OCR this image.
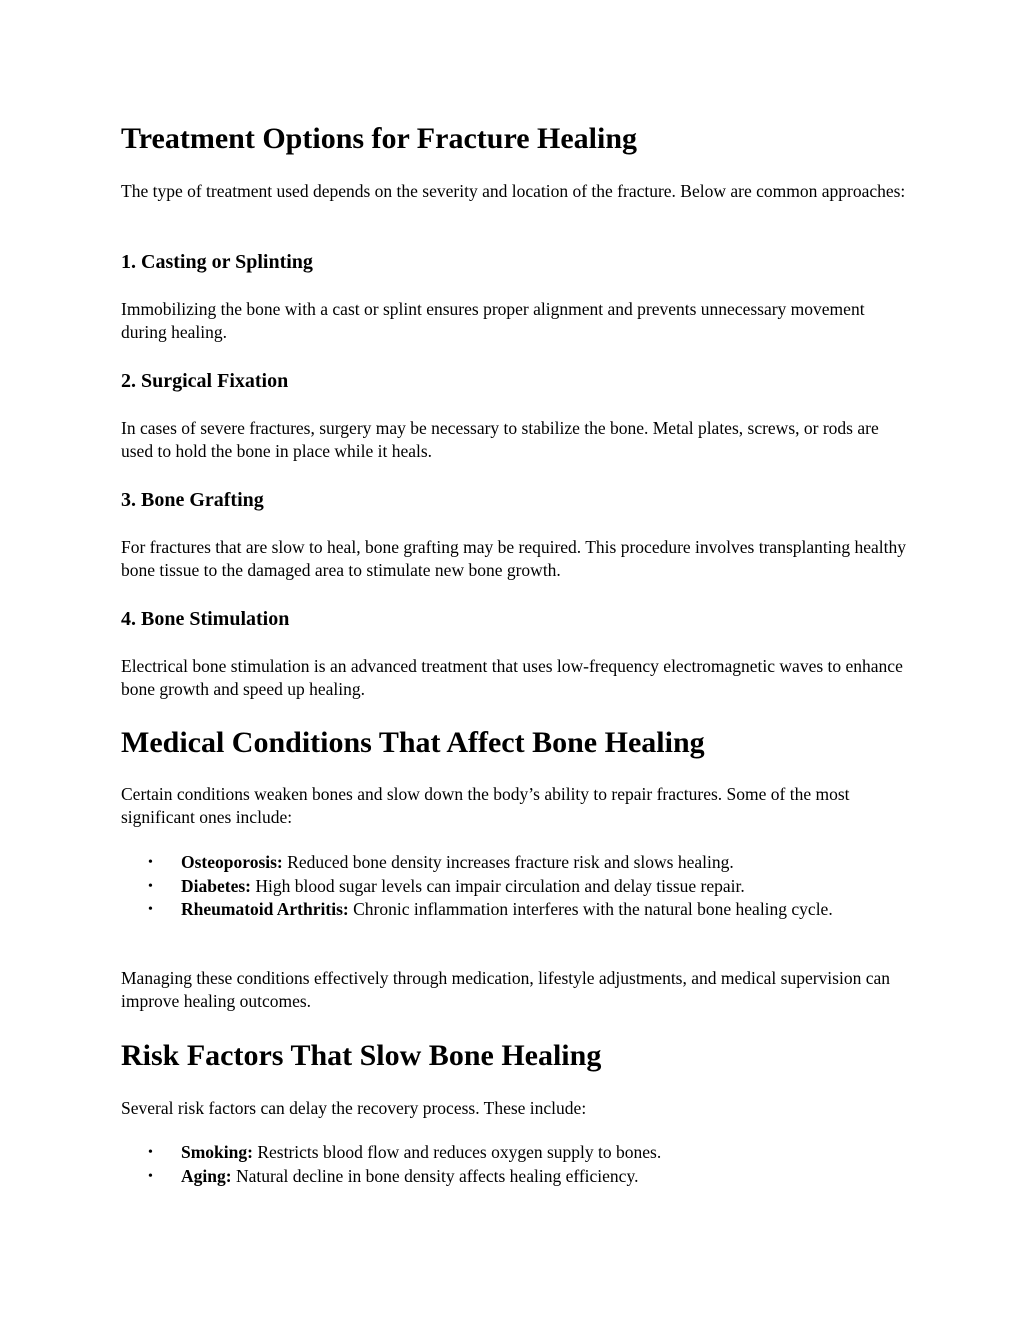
Treatment Options for Fracture Healing

The type of treatment used depends on the severity and location of the fracture. Below are common approaches:

1. Casting or Splinting

Immobilizing the bone with a cast or splint ensures proper alignment and prevents unnecessary movement during healing.

2. Surgical Fixation

In cases of severe fractures, surgery may be necessary to stabilize the bone. Metal plates, screws, or rods are used to hold the bone in place while it heals.

3. Bone Grafting

For fractures that are slow to heal, bone grafting may be required. This procedure involves transplanting healthy bone tissue to the damaged area to stimulate new bone growth.

4. Bone Stimulation

Electrical bone stimulation is an advanced treatment that uses low-frequency electromagnetic waves to enhance bone growth and speed up healing.

Medical Conditions That Affect Bone Healing

Certain conditions weaken bones and slow down the body’s ability to repair fractures. Some of the most significant ones include:

• Osteoporosis: Reduced bone density increases fracture risk and slows healing.
• Diabetes: High blood sugar levels can impair circulation and delay tissue repair.
• Rheumatoid Arthritis: Chronic inflammation interferes with the natural bone healing cycle.

Managing these conditions effectively through medication, lifestyle adjustments, and medical supervision can improve healing outcomes.

Risk Factors That Slow Bone Healing

Several risk factors can delay the recovery process. These include:

• Smoking: Restricts blood flow and reduces oxygen supply to bones.
• Aging: Natural decline in bone density affects healing efficiency.
